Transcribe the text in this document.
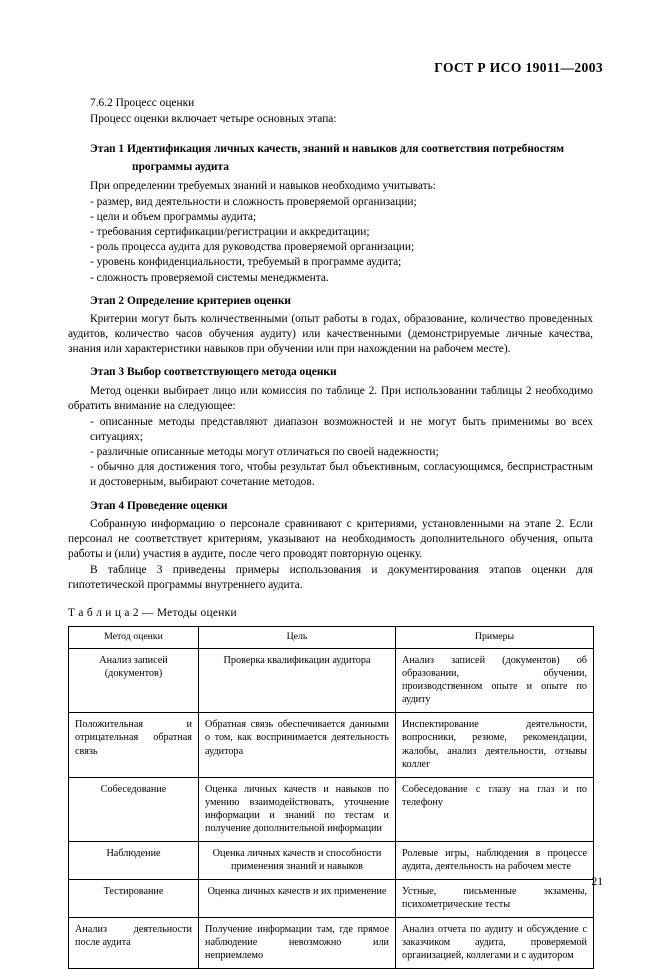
ГОСТ Р ИСО 19011—2003
7.6.2 Процесс оценки
Процесс оценки включает четыре основных этапа:
Этап 1 Идентификация личных качеств, знаний и навыков для соответствия потребностям
программы аудита
При определении требуемых знаний и навыков необходимо учитывать:
- размер, вид деятельности и сложность проверяемой организации;
- цели и объем программы аудита;
- требования сертификации/регистрации и аккредитации;
- роль процесса аудита для руководства проверяемой организации;
- уровень конфиденциальности, требуемый в программе аудита;
- сложность проверяемой системы менеджмента.
Этап 2 Определение критериев оценки
Критерии могут быть количественными (опыт работы в годах, образование, количество проведенных аудитов, количество часов обучения аудиту) или качественными (демонстрируемые личные качества, знания или характеристики навыков при обучении или при нахождении на рабочем месте).
Этап 3 Выбор соответствующего метода оценки
Метод оценки выбирает лицо или комиссия по таблице 2. При использовании таблицы 2 необходимо обратить внимание на следующее:
- описанные методы представляют диапазон возможностей и не могут быть применимы во всех ситуациях;
- различные описанные методы могут отличаться по своей надежности;
- обычно для достижения того, чтобы результат был объективным, согласующимся, беспристрастным и достоверным, выбирают сочетание методов.
Этап 4 Проведение оценки
Собранную информацию о персонале сравнивают с критериями, установленными на этапе 2. Если персонал не соответствует критериям, указывают на необходимость дополнительного обучения, опыта работы и (или) участия в аудите, после чего проводят повторную оценку.
В таблице 3 приведены примеры использования и документирования этапов оценки для гипотетической программы внутреннего аудита.
Т а б л и ц а 2 — Методы оценки
Метод оценки	Цель	Примеры
Анализ записей (документов)	Проверка квалификации аудитора	Анализ записей (документов) об образовании, обучении, производственном опыте и опыте по аудиту
Положительная и отрицательная обратная связь	Обратная связь обеспечивается данными о том, как воспринимается деятельность аудитора	Инспектирование деятельности, вопросники, резюме, рекомендации, жалобы, анализ деятельности, отзывы коллег
Собеседование	Оценка личных качеств и навыков по умению взаимодействовать, уточнение информации и знаний по тестам и получение дополнительной информации	Собеседование с глазу на глаз и по телефону
Наблюдение	Оценка личных качеств и способности применения знаний и навыков	Ролевые игры, наблюдения в процессе аудита, деятельность на рабочем месте
Тестирование	Оценка личных качеств и их применение	Устные, письменные экзамены, психометрические тесты
Анализ деятельности после аудита	Получение информации там, где прямое наблюдение невозможно или неприемлемо	Анализ отчета по аудиту и обсуждение с заказчиком аудита, проверяемой организацией, коллегами и с аудитором
21
